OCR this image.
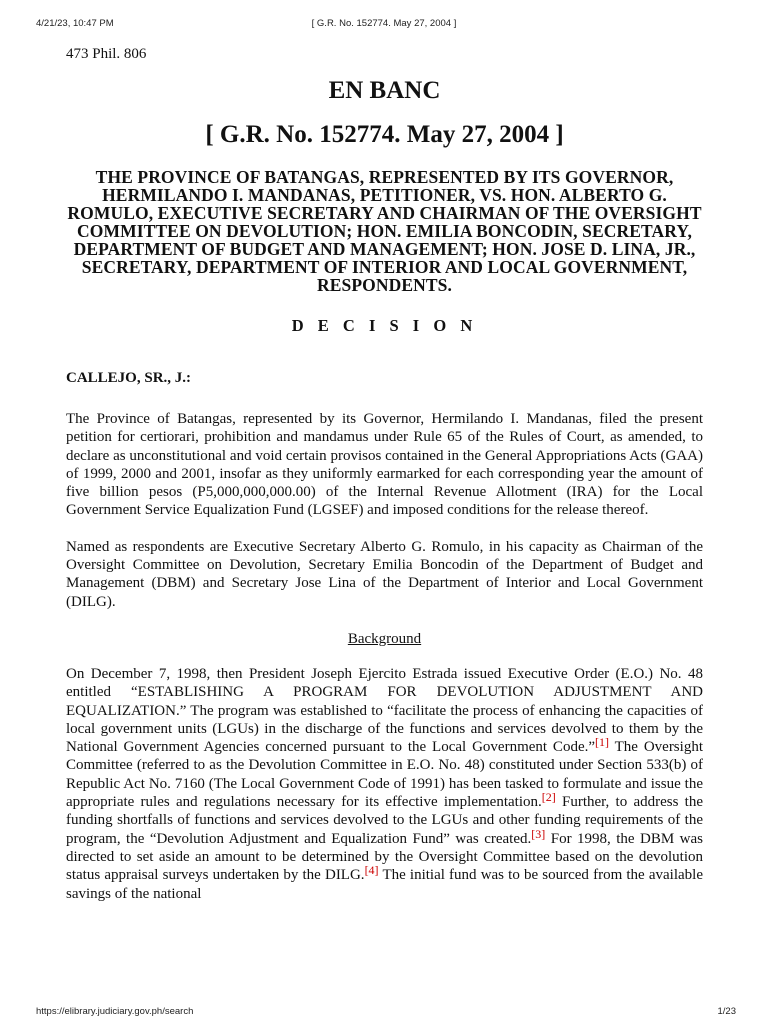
4/21/23, 10:47 PM	[ G.R. No. 152774. May 27, 2004 ]
473 Phil. 806
EN BANC
[ G.R. No. 152774. May 27, 2004 ]
THE PROVINCE OF BATANGAS, REPRESENTED BY ITS GOVERNOR, HERMILANDO I. MANDANAS, PETITIONER, VS. HON. ALBERTO G. ROMULO, EXECUTIVE SECRETARY AND CHAIRMAN OF THE OVERSIGHT COMMITTEE ON DEVOLUTION; HON. EMILIA BONCODIN, SECRETARY, DEPARTMENT OF BUDGET AND MANAGEMENT; HON. JOSE D. LINA, JR., SECRETARY, DEPARTMENT OF INTERIOR AND LOCAL GOVERNMENT, RESPONDENTS.
D E C I S I O N
CALLEJO, SR., J.:

The Province of Batangas, represented by its Governor, Hermilando I. Mandanas, filed the present petition for certiorari, prohibition and mandamus under Rule 65 of the Rules of Court, as amended, to declare as unconstitutional and void certain provisos contained in the General Appropriations Acts (GAA) of 1999, 2000 and 2001, insofar as they uniformly earmarked for each corresponding year the amount of five billion pesos (P5,000,000,000.00) of the Internal Revenue Allotment (IRA) for the Local Government Service Equalization Fund (LGSEF) and imposed conditions for the release thereof.

Named as respondents are Executive Secretary Alberto G. Romulo, in his capacity as Chairman of the Oversight Committee on Devolution, Secretary Emilia Boncodin of the Department of Budget and Management (DBM) and Secretary Jose Lina of the Department of Interior and Local Government (DILG).

Background

On December 7, 1998, then President Joseph Ejercito Estrada issued Executive Order (E.O.) No. 48 entitled “ESTABLISHING A PROGRAM FOR DEVOLUTION ADJUSTMENT AND EQUALIZATION.” The program was established to “facilitate the process of enhancing the capacities of local government units (LGUs) in the discharge of the functions and services devolved to them by the National Government Agencies concerned pursuant to the Local Government Code.”[1] The Oversight Committee (referred to as the Devolution Committee in E.O. No. 48) constituted under Section 533(b) of Republic Act No. 7160 (The Local Government Code of 1991) has been tasked to formulate and issue the appropriate rules and regulations necessary for its effective implementation.[2] Further, to address the funding shortfalls of functions and services devolved to the LGUs and other funding requirements of the program, the “Devolution Adjustment and Equalization Fund” was created.[3] For 1998, the DBM was directed to set aside an amount to be determined by the Oversight Committee based on the devolution status appraisal surveys undertaken by the DILG.[4] The initial fund was to be sourced from the available savings of the national

https://elibrary.judiciary.gov.ph/search	1/23
